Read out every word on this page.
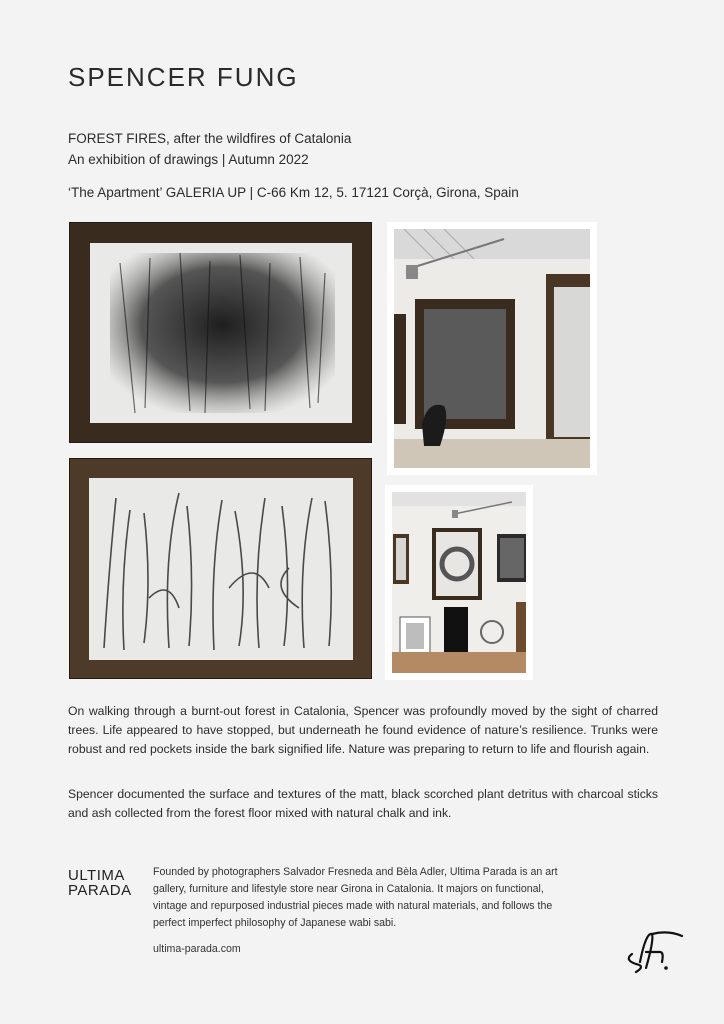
SPENCER FUNG
FOREST FIRES, after the wildfires of Catalonia
An exhibition of drawings | Autumn 2022
‘The Apartment’ GALERIA UP | C-66 Km 12, 5. 17121 Corçà, Girona, Spain
On walking through a burnt-out forest in Catalonia, Spencer was profoundly moved by the sight of charred trees. Life appeared to have stopped, but underneath he found evidence of nature’s resilience. Trunks were robust and red pockets inside the bark signified life. Nature was preparing to return to life and flourish again.
Spencer documented the surface and textures of the matt, black scorched plant detritus with charcoal sticks and ash collected from the forest floor mixed with natural chalk and ink.
ULTIMA
PARADA
Founded by photographers Salvador Fresneda and Bèla Adler, Ultima Parada is an art gallery, furniture and lifestyle store near Girona in Catalonia. It majors on functional, vintage and repurposed industrial pieces made with natural materials, and follows the perfect imperfect philosophy of Japanese wabi sabi.
ultima-parada.com
